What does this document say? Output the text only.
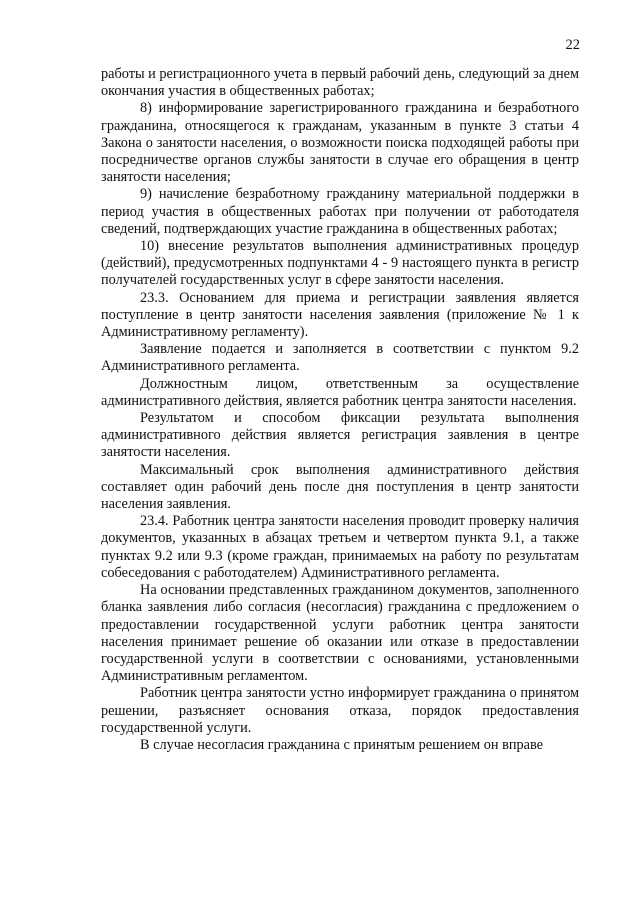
22

работы и регистрационного учета в первый рабочий день, следующий за днем окончания участия в общественных работах;

8) информирование зарегистрированного гражданина и безработного гражданина, относящегося к гражданам, указанным в пункте 3 статьи 4 Закона о занятости населения, о возможности поиска подходящей работы при посредничестве органов службы занятости в случае его обращения в центр занятости населения;

9) начисление безработному гражданину материальной поддержки в период участия в общественных работах при получении от работодателя сведений, подтверждающих участие гражданина в общественных работах;

10) внесение результатов выполнения административных процедур (действий), предусмотренных подпунктами 4 - 9 настоящего пункта в регистр получателей государственных услуг в сфере занятости населения.

23.3. Основанием для приема и регистрации заявления является поступление в центр занятости населения заявления (приложение № 1 к Административному регламенту).

Заявление подается и заполняется в соответствии с пунктом 9.2 Административного регламента.

Должностным лицом, ответственным за осуществление административного действия, является работник центра занятости населения.

Результатом и способом фиксации результата выполнения административного действия является регистрация заявления в центре занятости населения.

Максимальный срок выполнения административного действия составляет один рабочий день после дня поступления в центр занятости населения заявления.

23.4. Работник центра занятости населения проводит проверку наличия документов, указанных в абзацах третьем и четвертом пункта 9.1, а также пунктах 9.2 или 9.3 (кроме граждан, принимаемых на работу по результатам собеседования с работодателем) Административного регламента.

На основании представленных гражданином документов, заполненного бланка заявления либо согласия (несогласия) гражданина с предложением о предоставлении государственной услуги работник центра занятости населения принимает решение об оказании или отказе в предоставлении государственной услуги в соответствии с основаниями, установленными Административным регламентом.

Работник центра занятости устно информирует гражданина о принятом решении, разъясняет основания отказа, порядок предоставления государственной услуги.

В случае несогласия гражданина с принятым решением он вправе
